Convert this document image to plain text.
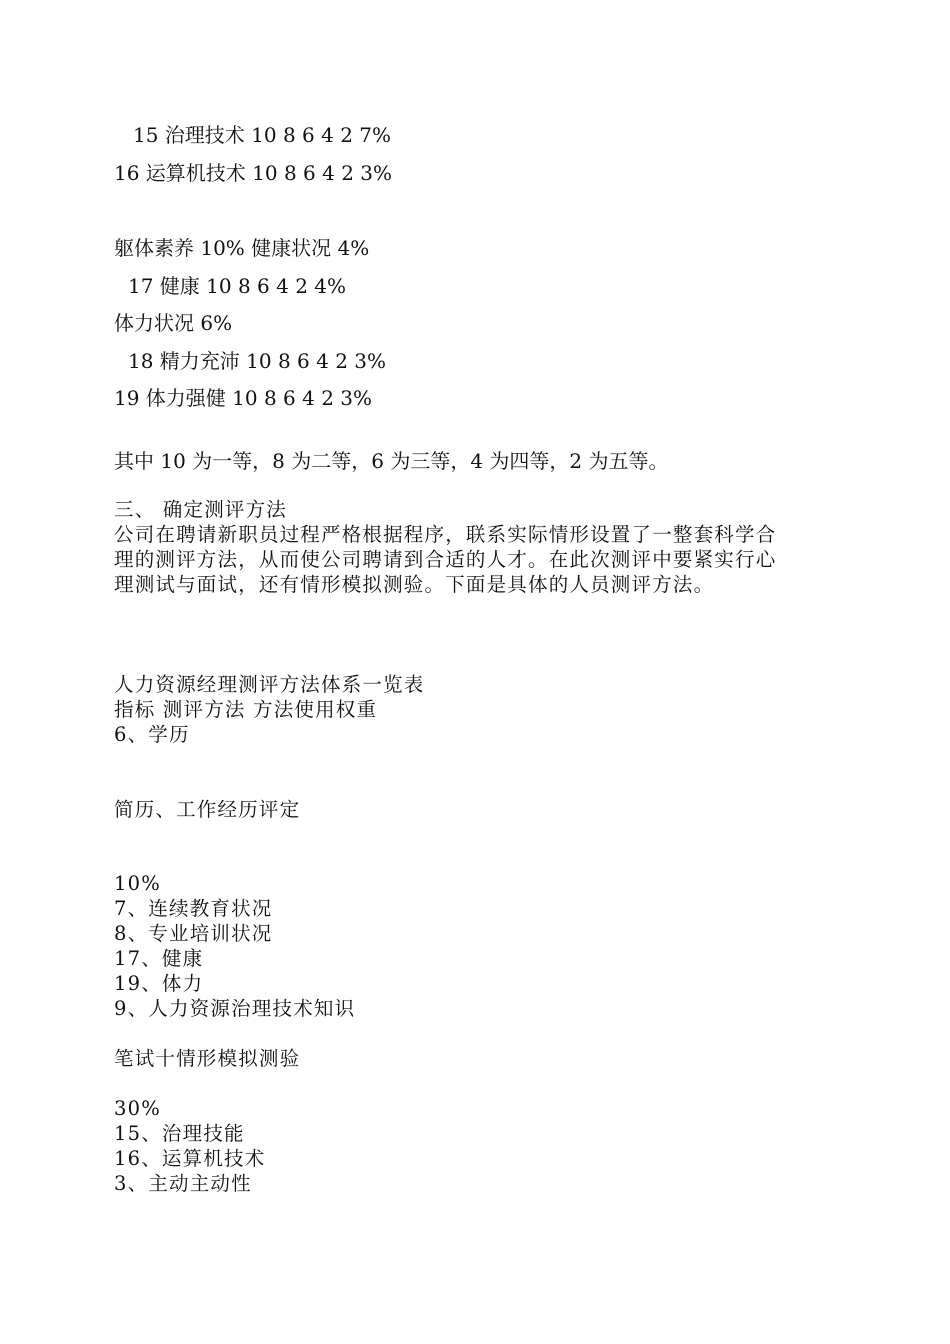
15 治理技术 10 8 6 4 2 7%
16 运算机技术 10 8 6 4 2 3%
躯体素养 10% 健康状况 4%
17 健康 10 8 6 4 2 4%
体力状况 6%
18 精力充沛 10 8 6 4 2 3%
19 体力强健 10 8 6 4 2 3%
其中 10 为一等，8 为二等，6 为三等，4 为四等，2 为五等。
三、 确定测评方法
公司在聘请新职员过程严格根据程序，联系实际情形设置了一整套科学合
理的测评方法，从而使公司聘请到合适的人才。在此次测评中要紧实行心
理测试与面试，还有情形模拟测验。下面是具体的人员测评方法。
人力资源经理测评方法体系一览表
指标 测评方法 方法使用权重
6、学历
简历、工作经历评定
10%
7、连续教育状况
8、专业培训状况
17、健康
19、体力
9、人力资源治理技术知识
笔试十情形模拟测验
30%
15、治理技能
16、运算机技术
3、主动主动性
